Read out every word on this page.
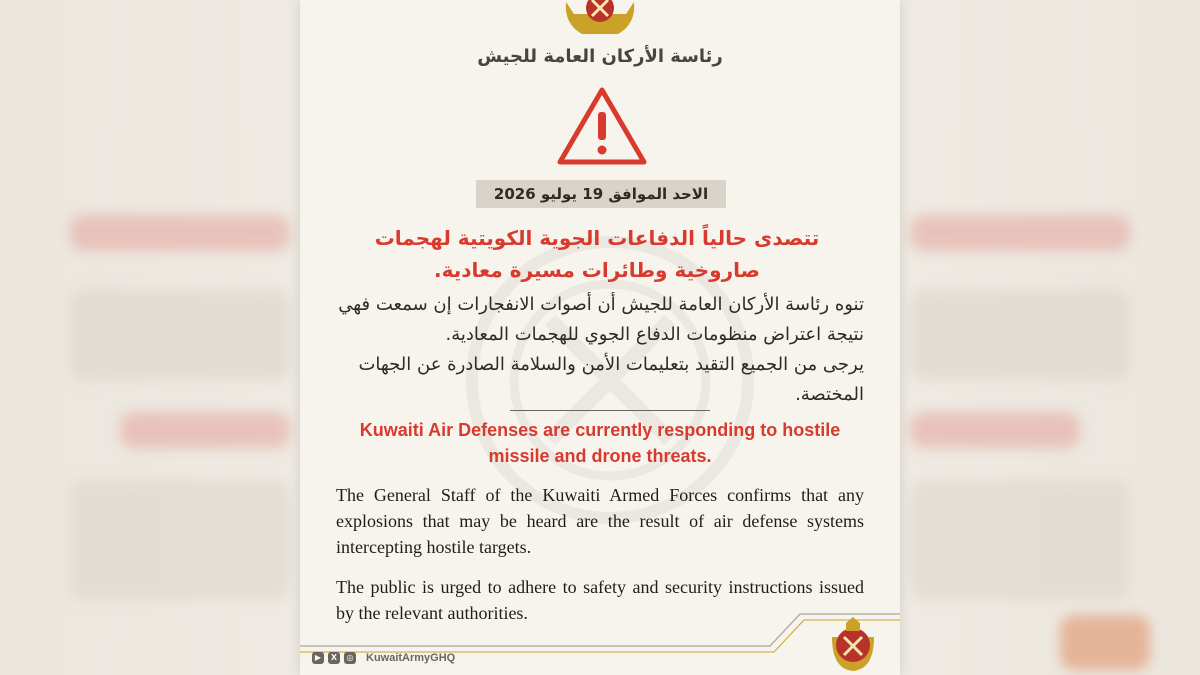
رئاسة الأركان العامة للجيش
الاحد الموافق 19 يوليو 2026
تتصدى حالياً الدفاعات الجوية الكويتية لهجمات صاروخية وطائرات مسيرة معادية.
تنوه رئاسة الأركان العامة للجيش أن أصوات الانفجارات إن سمعت فهي نتيجة اعتراض منظومات الدفاع الجوي للهجمات المعادية.
يرجى من الجميع التقيد بتعليمات الأمن والسلامة الصادرة عن الجهات المختصة.
Kuwaiti Air Defenses are currently responding to hostile missile and drone threats.
The General Staff of the Kuwaiti Armed Forces confirms that any explosions that may be heard are the result of air defense systems intercepting hostile targets.
The public is urged to adhere to safety and security instructions issued by the relevant authorities.
▶	X	◎ KuwaitArmyGHQ
